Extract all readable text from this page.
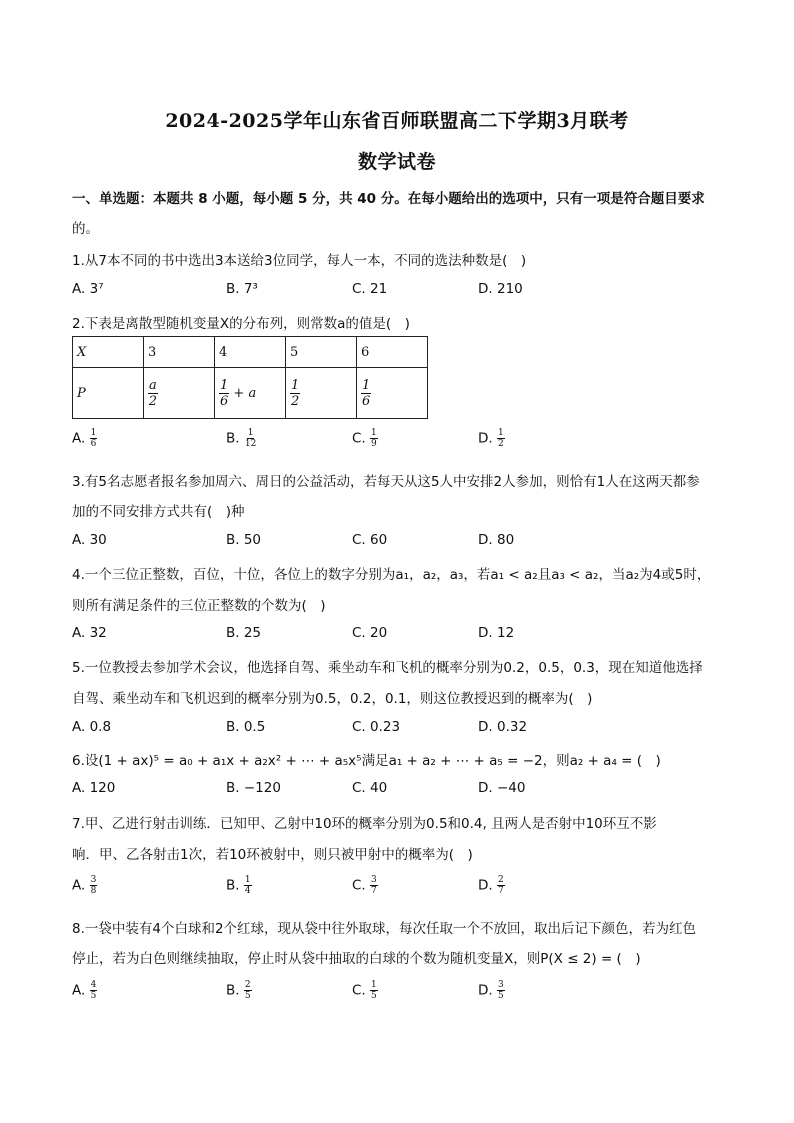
2024-2025学年山东省百师联盟高二下学期3月联考
数学试卷
一、单选题：本题共 8 小题，每小题 5 分，共 40 分。在每小题给出的选项中，只有一项是符合题目要求
的。
1.从7本不同的书中选出3本送给3位同学，每人一本，不同的选法种数是(　)
A. 3⁷	B. 7³	C. 21	D. 210
2.下表是离散型随机变量X的分布列，则常数a的值是(　)
X	3	4	5	6
P	$\frac{a}{2}$	$\frac{1}{6} + a$	$\frac{1}{2}$	$\frac{1}{6}$
A. $\frac{1}{6}$	B. $\frac{1}{12}$	C. $\frac{1}{9}$	D. $\frac{1}{2}$
3.有5名志愿者报名参加周六、周日的公益活动，若每天从这5人中安排2人参加，则恰有1人在这两天都参
加的不同安排方式共有(　)种
A. 30	B. 50	C. 60	D. 80
4.一个三位正整数，百位，十位，各位上的数字分别为a₁，a₂，a₃，若a₁ < a₂且a₃ < a₂，当a₂为4或5时，
则所有满足条件的三位正整数的个数为(　)
A. 32	B. 25	C. 20	D. 12
5.一位教授去参加学术会议，他选择自驾、乘坐动车和飞机的概率分别为0.2，0.5，0.3，现在知道他选择
自驾、乘坐动车和飞机迟到的概率分别为0.5，0.2，0.1，则这位教授迟到的概率为(　)
A. 0.8	B. 0.5	C. 0.23	D. 0.32
6.设(1 + ax)⁵ = a₀ + a₁x + a₂x² + ⋯ + a₅x⁵满足a₁ + a₂ + ⋯ + a₅ = −2，则a₂ + a₄ = (　)
A. 120	B. −120	C. 40	D. −40
7.甲、乙进行射击训练．已知甲、乙射中10环的概率分别为0.5和0.4, 且两人是否射中10环互不影
响．甲、乙各射击1次，若10环被射中，则只被甲射中的概率为(　)
A. $\frac{3}{8}$	B. $\frac{1}{4}$	C. $\frac{3}{7}$	D. $\frac{2}{7}$
8.一袋中装有4个白球和2个红球，现从袋中往外取球，每次任取一个不放回，取出后记下颜色，若为红色
停止，若为白色则继续抽取，停止时从袋中抽取的白球的个数为随机变量X，则P(X ≤ 2) = (　)
A. $\frac{4}{5}$	B. $\frac{2}{5}$	C. $\frac{1}{5}$	D. $\frac{3}{5}$
